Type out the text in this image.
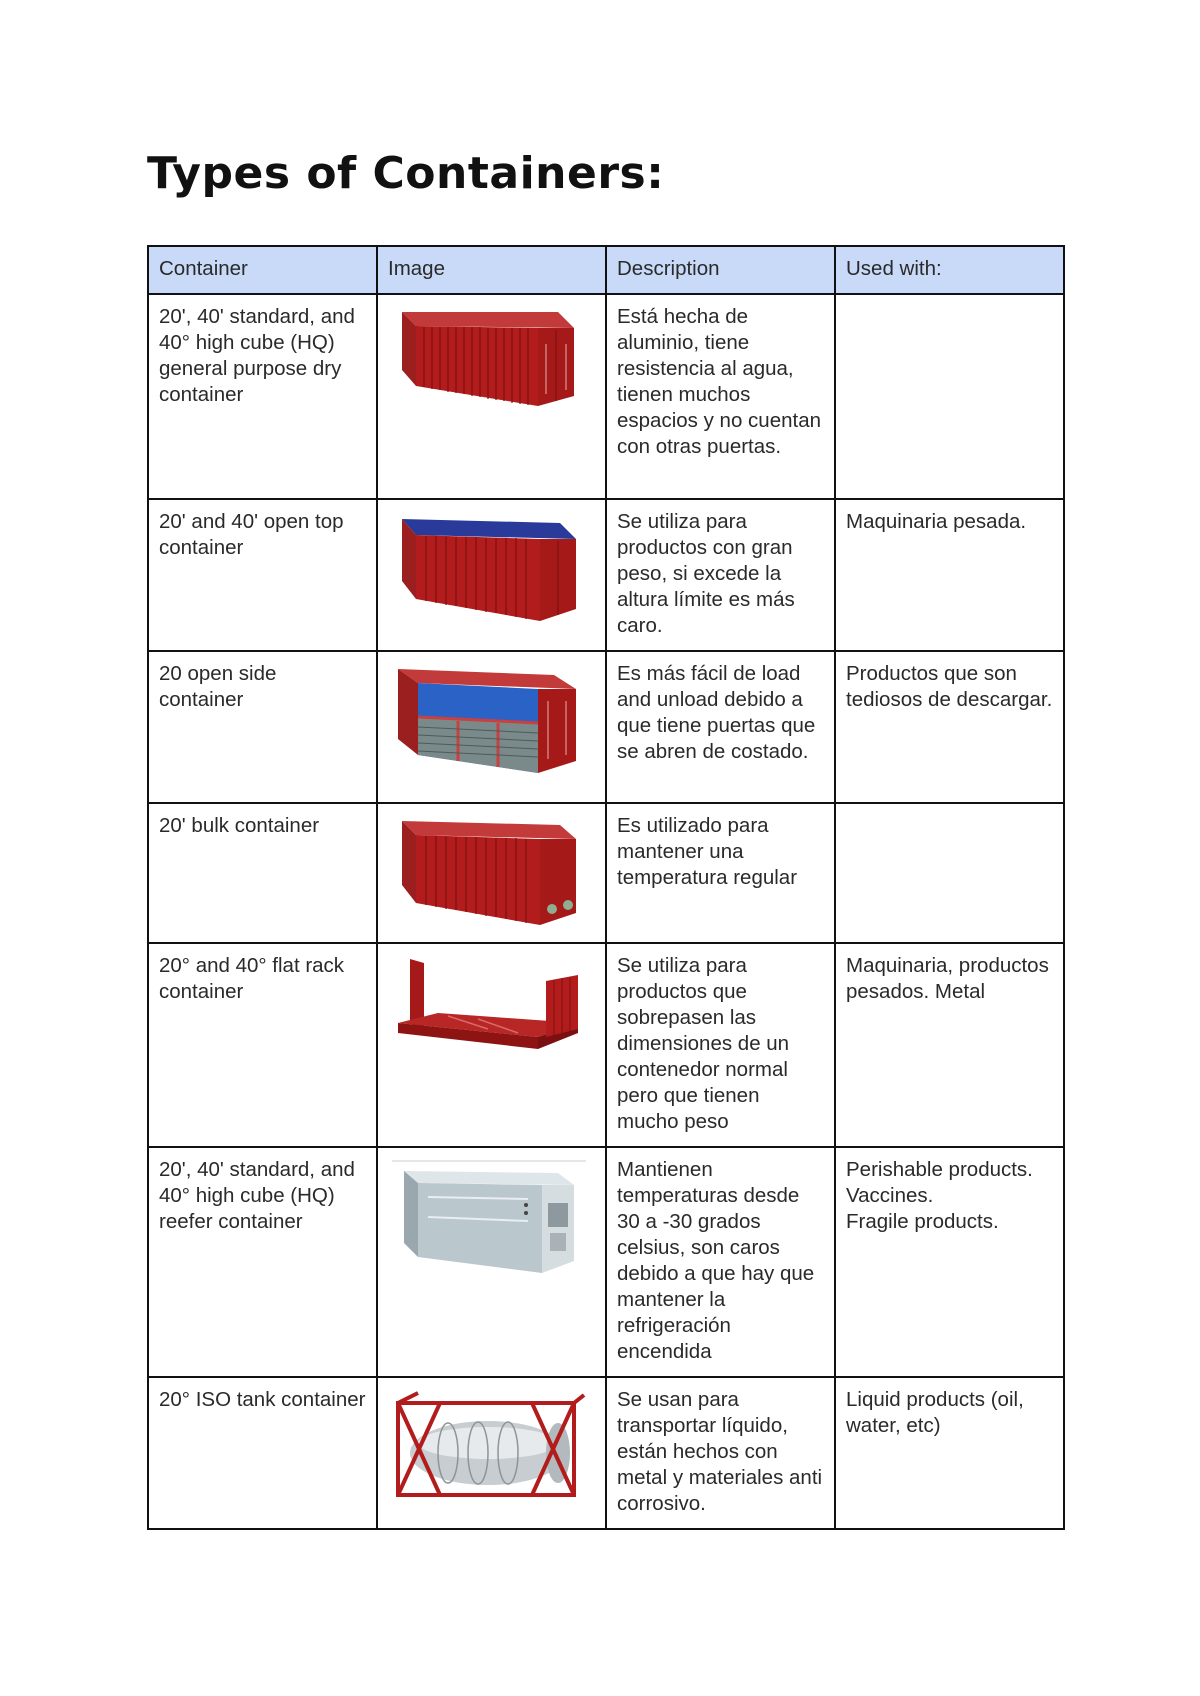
Types of Containers:
Container	Image	Description	Used with:
20', 40' standard, and 40° high cube (HQ) general purpose dry container		Está hecha de aluminio, tiene resistencia al agua, tienen muchos espacios y no cuentan con otras puertas.	
20' and 40' open top container		Se utiliza para productos con gran peso, si excede la altura límite es más caro.	Maquinaria pesada.
20 open side container		Es más fácil de load and unload debido a que tiene puertas que se abren de costado.	Productos que son tediosos de descargar.
20' bulk container		Es utilizado para mantener una temperatura regular	
20° and 40° flat rack container		Se utiliza para productos que sobrepasen las dimensiones de un contenedor normal pero que tienen mucho peso	Maquinaria, productos pesados. Metal
20', 40' standard, and 40° high cube (HQ) reefer container		Mantienen temperaturas desde 30 a -30 grados celsius, son caros debido a que hay que mantener la refrigeración encendida	Perishable products.
Vaccines.
Fragile products.
20° ISO tank container		Se usan para transportar líquido, están hechos con metal y materiales anti corrosivo.	Liquid products (oil, water, etc)
